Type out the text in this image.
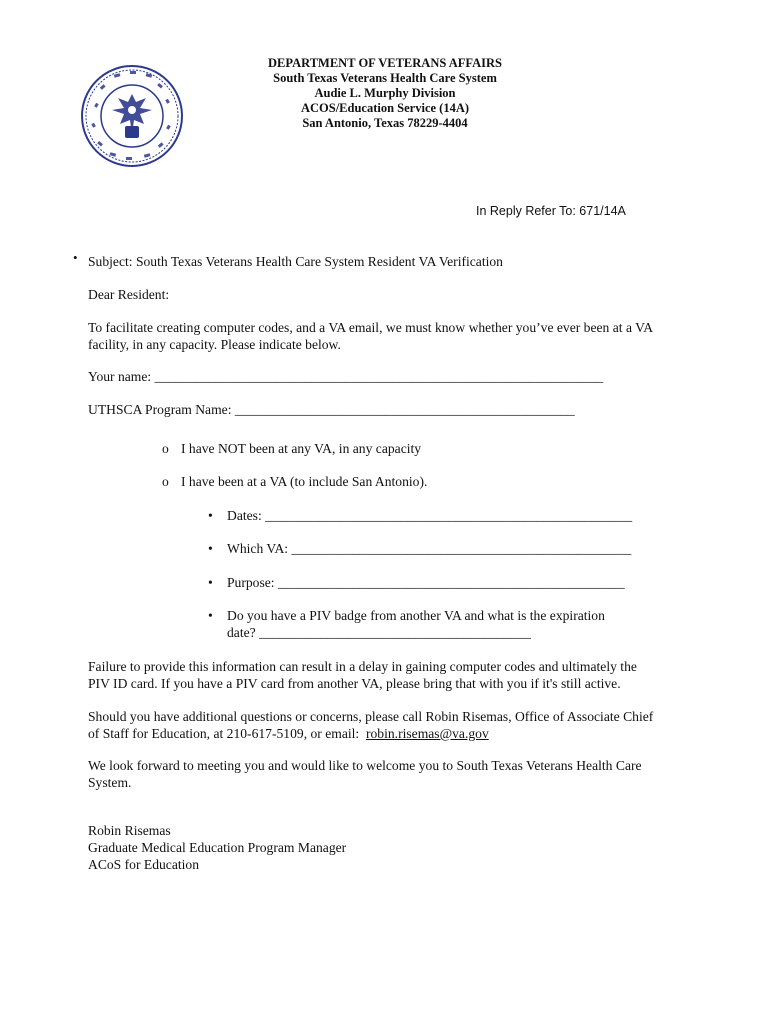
DEPARTMENT OF VETERANS AFFAIRS
South Texas Veterans Health Care System
Audie L. Murphy Division
ACOS/Education Service (14A)
San Antonio, Texas 78229-4404
In Reply Refer To: 671/14A
• Subject: South Texas Veterans Health Care System Resident VA Verification
Dear Resident:
To facilitate creating computer codes, and a VA email, we must know whether you’ve ever been at a VA
facility, in any capacity. Please indicate below.
Your name: __________________________________________________________________
UTHSCA Program Name: __________________________________________________
o I have NOT been at any VA, in any capacity
o I have been at a VA (to include San Antonio).
• Dates: ______________________________________________________
• Which VA: __________________________________________________
• Purpose: ___________________________________________________
• Do you have a PIV badge from another VA and what is the expiration
date? ________________________________________
Failure to provide this information can result in a delay in gaining computer codes and ultimately the
PIV ID card. If you have a PIV card from another VA, please bring that with you if it's still active.
Should you have additional questions or concerns, please call Robin Risemas, Office of Associate Chief
of Staff for Education, at 210-617-5109, or email:  robin.risemas@va.gov
We look forward to meeting you and would like to welcome you to South Texas Veterans Health Care
System.
Robin Risemas
Graduate Medical Education Program Manager
ACoS for Education
